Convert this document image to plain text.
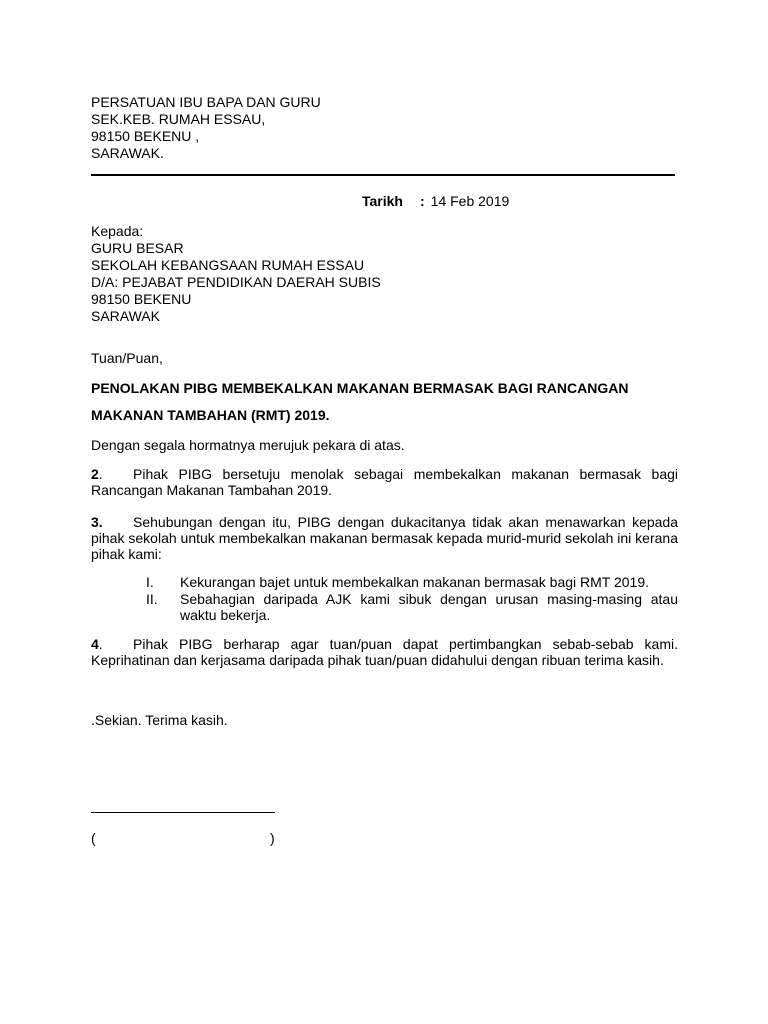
PERSATUAN IBU BAPA DAN GURU
SEK.KEB. RUMAH ESSAU,
98150 BEKENU ,
SARAWAK.
Tarikh : 14 Feb 2019
Kepada:
GURU BESAR
SEKOLAH KEBANGSAAN RUMAH ESSAU
D/A: PEJABAT PENDIDIKAN DAERAH SUBIS
98150 BEKENU
SARAWAK
Tuan/Puan,
PENOLAKAN PIBG MEMBEKALKAN MAKANAN BERMASAK BAGI RANCANGAN
MAKANAN TAMBAHAN (RMT) 2019.
Dengan segala hormatnya merujuk pekara di atas.
2. Pihak PIBG bersetuju menolak sebagai membekalkan makanan bermasak bagi Rancangan Makanan Tambahan 2019.
3. Sehubungan dengan itu, PIBG dengan dukacitanya tidak akan menawarkan kepada pihak sekolah untuk membekalkan makanan bermasak kepada murid-murid sekolah ini kerana pihak kami:
I.	Kekurangan bajet untuk membekalkan makanan bermasak bagi RMT 2019.
II.	Sebahagian daripada AJK kami sibuk dengan urusan masing-masing atau waktu bekerja.
4. Pihak PIBG berharap agar tuan/puan dapat pertimbangkan sebab-sebab kami. Keprihatinan dan kerjasama daripada pihak tuan/puan didahului dengan ribuan terima kasih.
.Sekian. Terima kasih.
(	)
